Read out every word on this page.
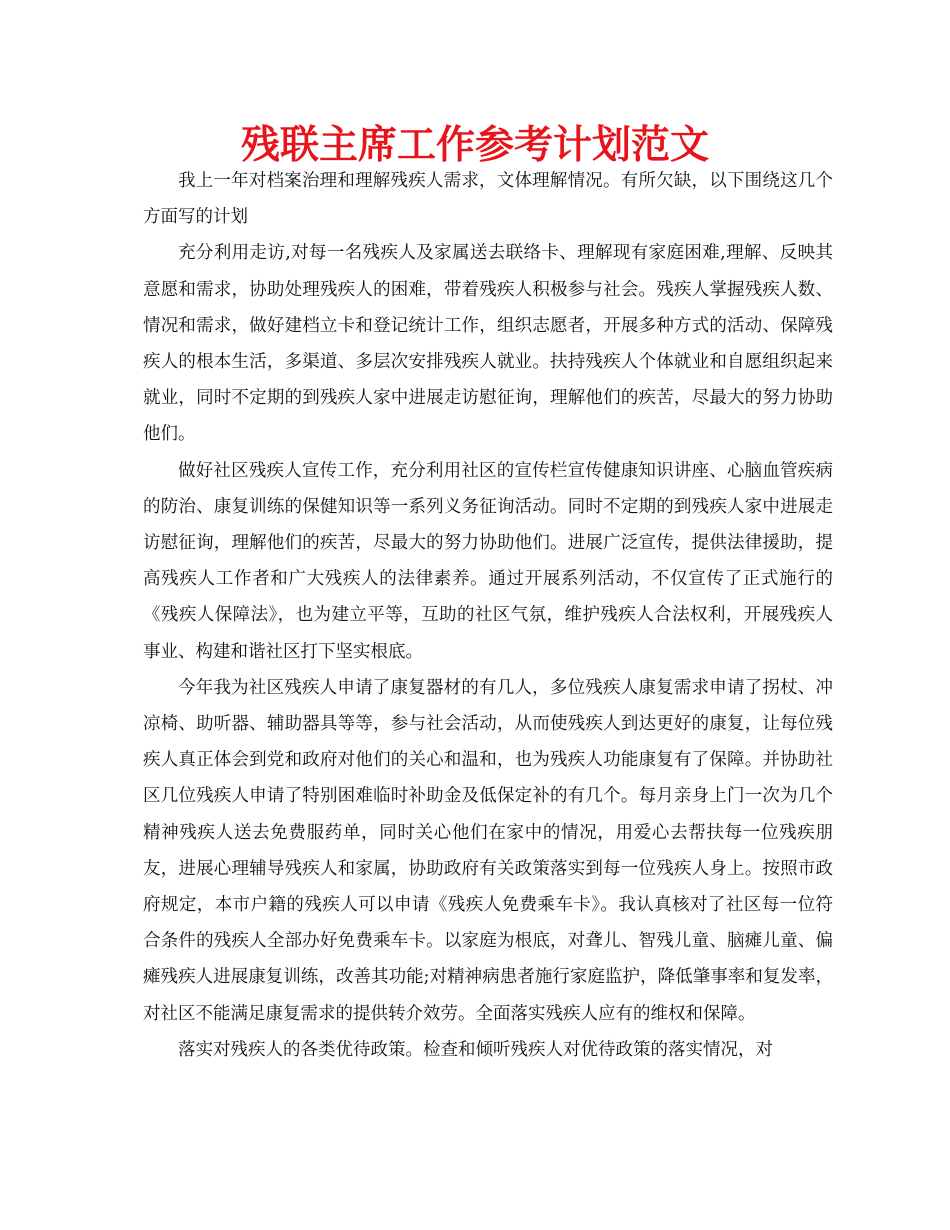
残联主席工作参考计划范文

我上一年对档案治理和理解残疾人需求，文体理解情况。有所欠缺，以下围绕这几个方面写的计划

充分利用走访,对每一名残疾人及家属送去联络卡、理解现有家庭困难,理解、反映其意愿和需求，协助处理残疾人的困难，带着残疾人积极参与社会。残疾人掌握残疾人数、情况和需求，做好建档立卡和登记统计工作，组织志愿者，开展多种方式的活动、保障残疾人的根本生活，多渠道、多层次安排残疾人就业。扶持残疾人个体就业和自愿组织起来就业，同时不定期的到残疾人家中进展走访慰征询，理解他们的疾苦，尽最大的努力协助他们。

做好社区残疾人宣传工作，充分利用社区的宣传栏宣传健康知识讲座、心脑血管疾病的防治、康复训练的保健知识等一系列义务征询活动。同时不定期的到残疾人家中进展走访慰征询，理解他们的疾苦，尽最大的努力协助他们。进展广泛宣传，提供法律援助，提高残疾人工作者和广大残疾人的法律素养。通过开展系列活动，不仅宣传了正式施行的《残疾人保障法》，也为建立平等，互助的社区气氛，维护残疾人合法权利，开展残疾人事业、构建和谐社区打下坚实根底。

今年我为社区残疾人申请了康复器材的有几人，多位残疾人康复需求申请了拐杖、冲凉椅、助听器、辅助器具等等，参与社会活动，从而使残疾人到达更好的康复，让每位残疾人真正体会到党和政府对他们的关心和温和，也为残疾人功能康复有了保障。并协助社区几位残疾人申请了特别困难临时补助金及低保定补的有几个。每月亲身上门一次为几个精神残疾人送去免费服药单，同时关心他们在家中的情况，用爱心去帮扶每一位残疾朋友，进展心理辅导残疾人和家属，协助政府有关政策落实到每一位残疾人身上。按照市政府规定，本市户籍的残疾人可以申请《残疾人免费乘车卡》。我认真核对了社区每一位符合条件的残疾人全部办好免费乘车卡。以家庭为根底，对聋儿、智残儿童、脑瘫儿童、偏瘫残疾人进展康复训练，改善其功能;对精神病患者施行家庭监护，降低肇事率和复发率，对社区不能满足康复需求的提供转介效劳。全面落实残疾人应有的维权和保障。

落实对残疾人的各类优待政策。检查和倾听残疾人对优待政策的落实情况，对
